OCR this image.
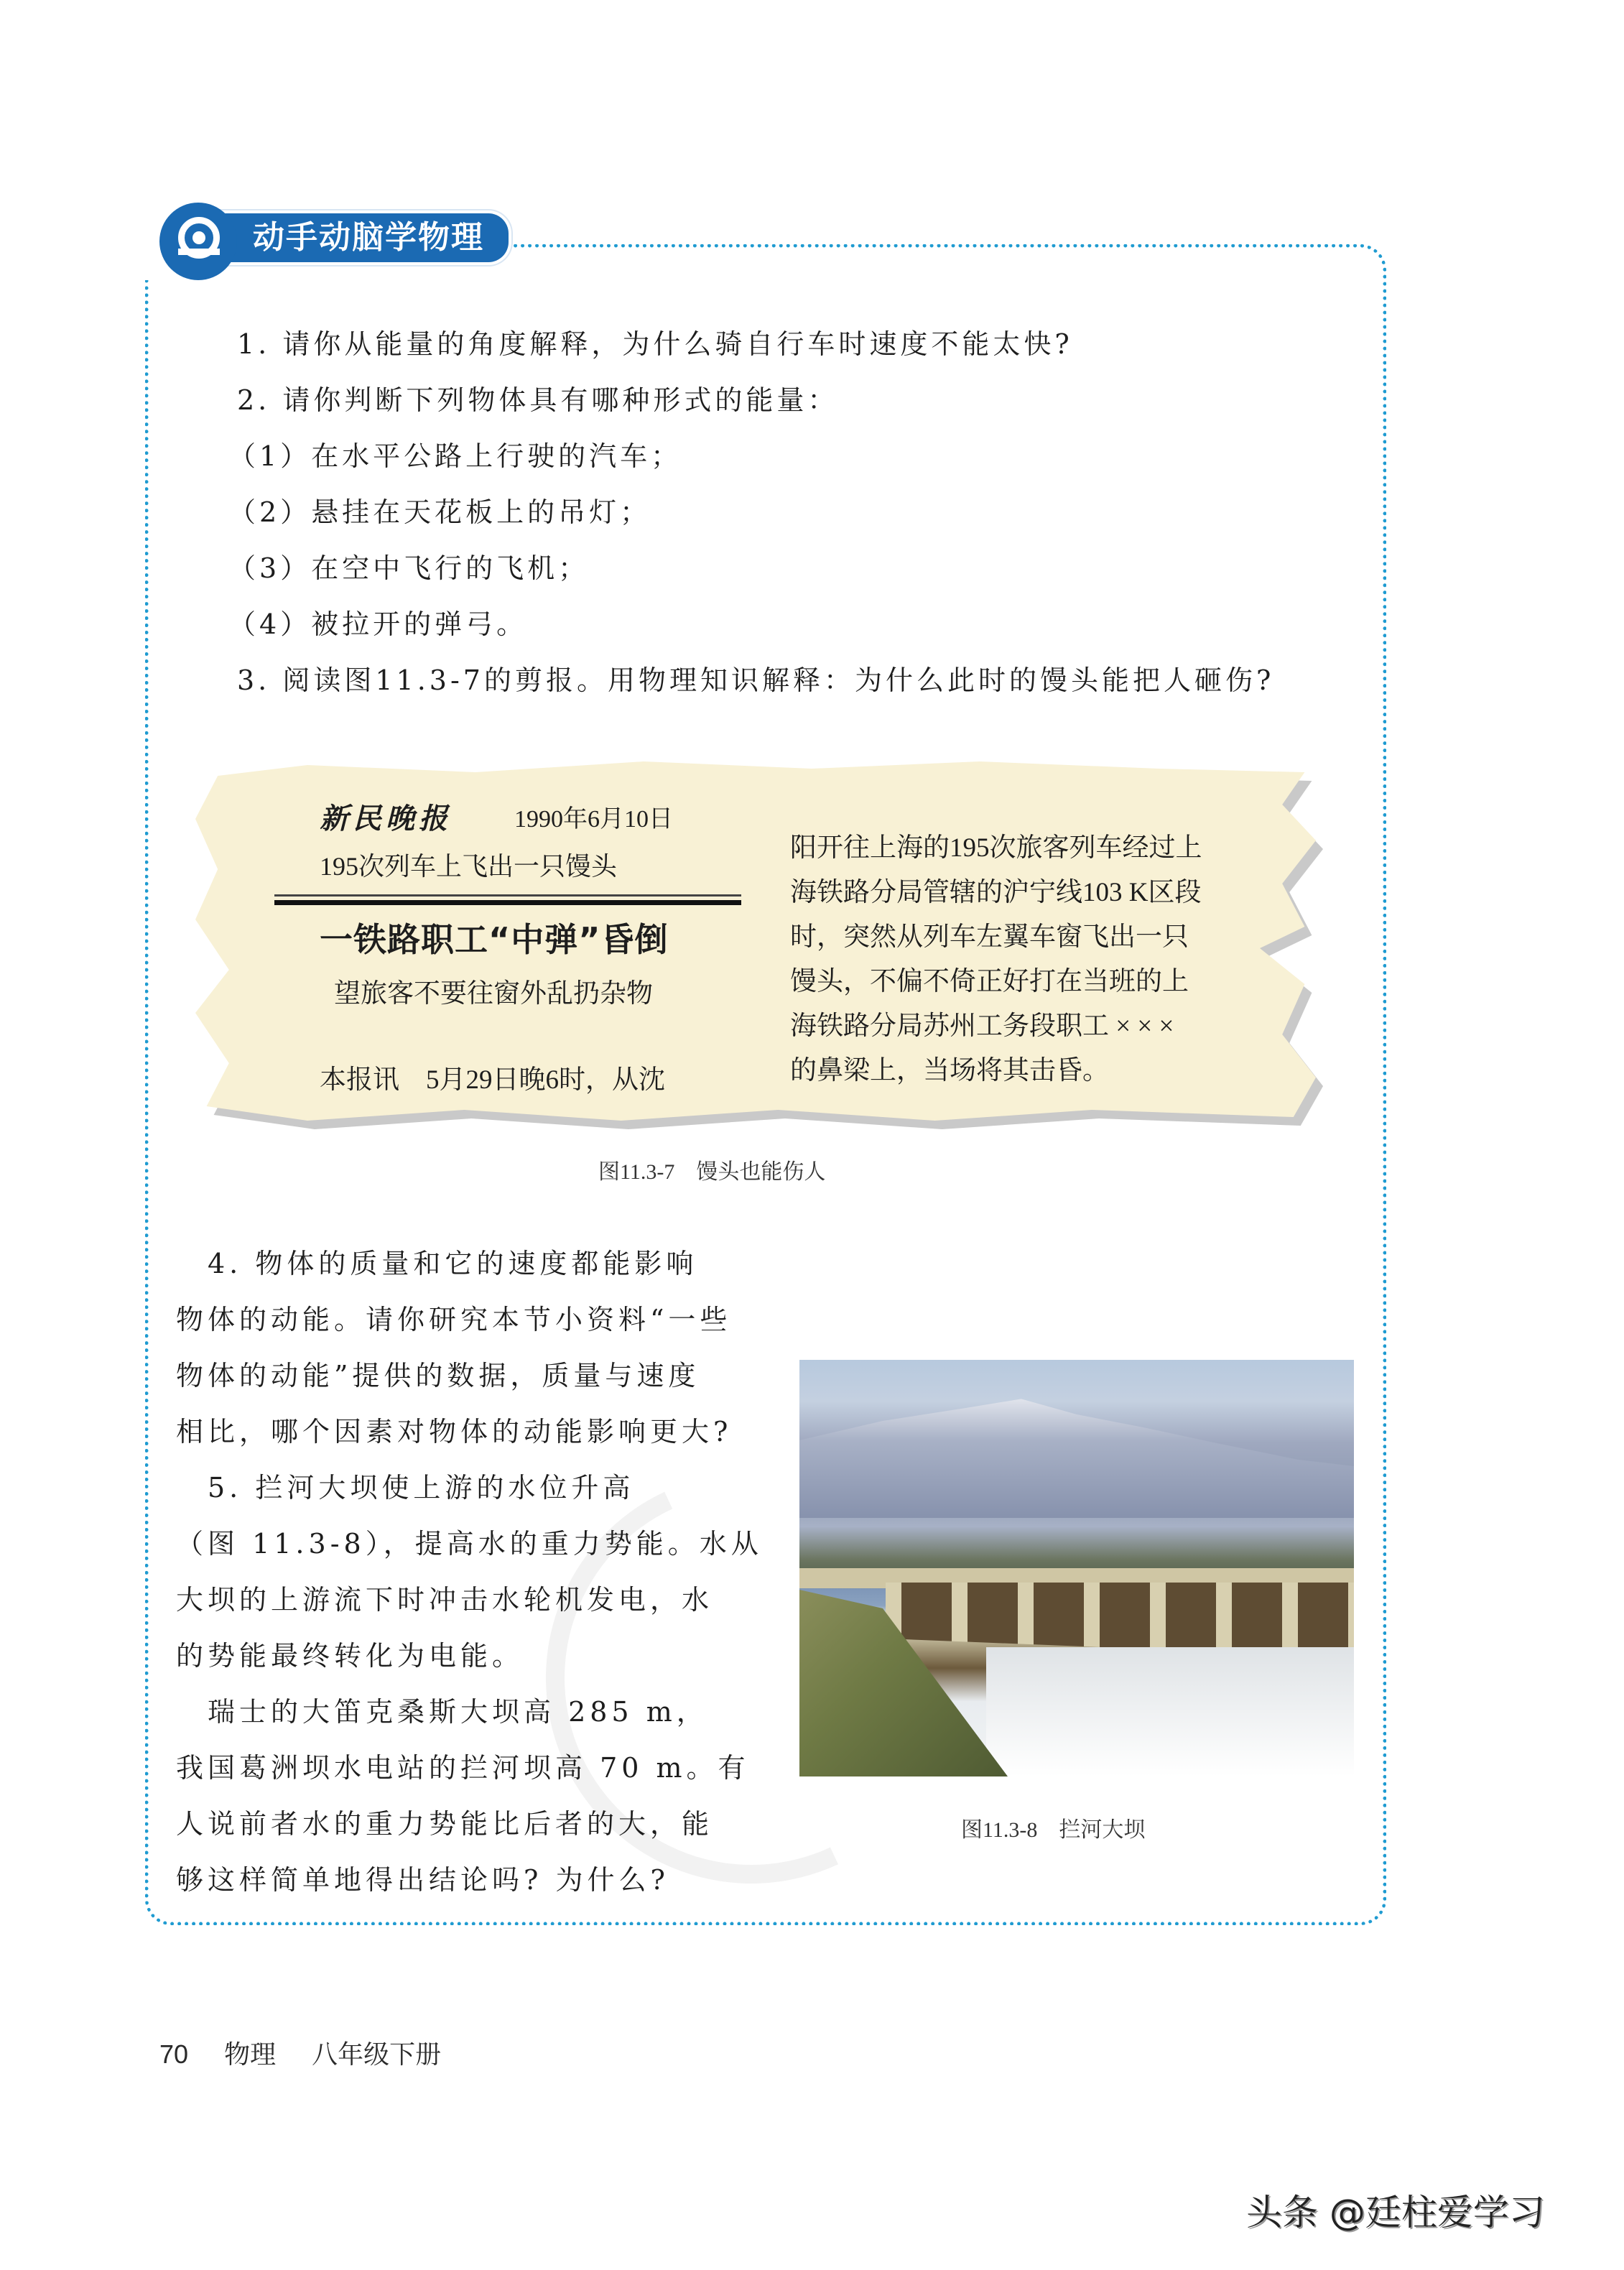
动手动脑学物理
1. 请你从能量的角度解释，为什么骑自行车时速度不能太快?
2. 请你判断下列物体具有哪种形式的能量：
（1）在水平公路上行驶的汽车；
（2）悬挂在天花板上的吊灯；
（3）在空中飞行的飞机；
（4）被拉开的弹弓。
3. 阅读图11.3-7的剪报。用物理知识解释：为什么此时的馒头能把人砸伤?
新民晚报	1990年6月10日
195次列车上飞出一只馒头
一铁路职工“中弹”昏倒
望旅客不要往窗外乱扔杂物
本报讯　5月29日晚6时，从沈
阳开往上海的195次旅客列车经过上
海铁路分局管辖的沪宁线103 K区段
时，突然从列车左翼车窗飞出一只
馒头，不偏不倚正好打在当班的上
海铁路分局苏州工务段职工 × × ×
的鼻梁上，当场将其击昏。
图11.3-7　馒头也能伤人
　4. 物体的质量和它的速度都能影响
物体的动能。请你研究本节小资料“一些
物体的动能”提供的数据，质量与速度
相比，哪个因素对物体的动能影响更大?
　5. 拦河大坝使上游的水位升高
（图 11.3-8），提高水的重力势能。水从
大坝的上游流下时冲击水轮机发电，水
的势能最终转化为电能。
　瑞士的大笛克桑斯大坝高 285 m，
我国葛洲坝水电站的拦河坝高 70 m。有
人说前者水的重力势能比后者的大，能
够这样简单地得出结论吗? 为什么?
图11.3-8　拦河大坝
70 物理 八年级下册
头条 @廷柱爱学习
